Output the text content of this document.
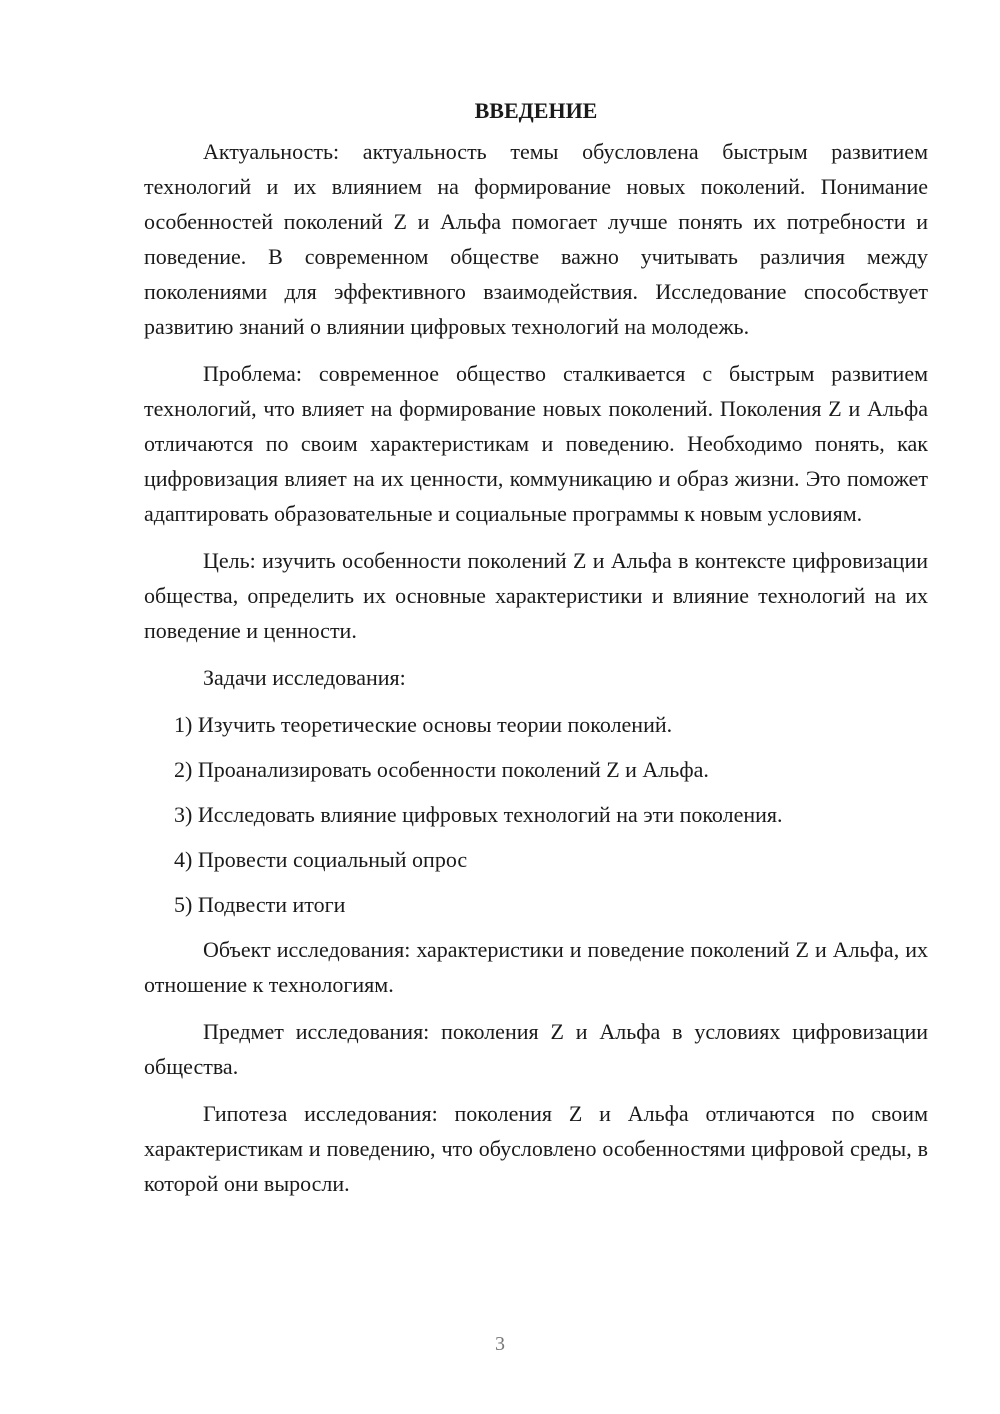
ВВЕДЕНИЕ

Актуальность: актуальность темы обусловлена быстрым развитием технологий и их влиянием на формирование новых поколений. Понимание особенностей поколений Z и Альфа помогает лучше понять их потребности и поведение. В современном обществе важно учитывать различия между поколениями для эффективного взаимодействия. Исследование способствует развитию знаний о влиянии цифровых технологий на молодежь.

Проблема: современное общество сталкивается с быстрым развитием технологий, что влияет на формирование новых поколений. Поколения Z и Альфа отличаются по своим характеристикам и поведению. Необходимо понять, как цифровизация влияет на их ценности, коммуникацию и образ жизни. Это поможет адаптировать образовательные и социальные программы к новым условиям.

Цель: изучить особенности поколений Z и Альфа в контексте цифровизации общества, определить их основные характеристики и влияние технологий на их поведение и ценности.

Задачи исследования:

1) Изучить теоретические основы теории поколений.
2) Проанализировать особенности поколений Z и Альфа.
3) Исследовать влияние цифровых технологий на эти поколения.
4) Провести социальный опрос
5) Подвести итоги

Объект исследования: характеристики и поведение поколений Z и Альфа, их отношение к технологиям.

Предмет исследования: поколения Z и Альфа в условиях цифровизации общества.

Гипотеза исследования: поколения Z и Альфа отличаются по своим характеристикам и поведению, что обусловлено особенностями цифровой среды, в которой они выросли.

3
